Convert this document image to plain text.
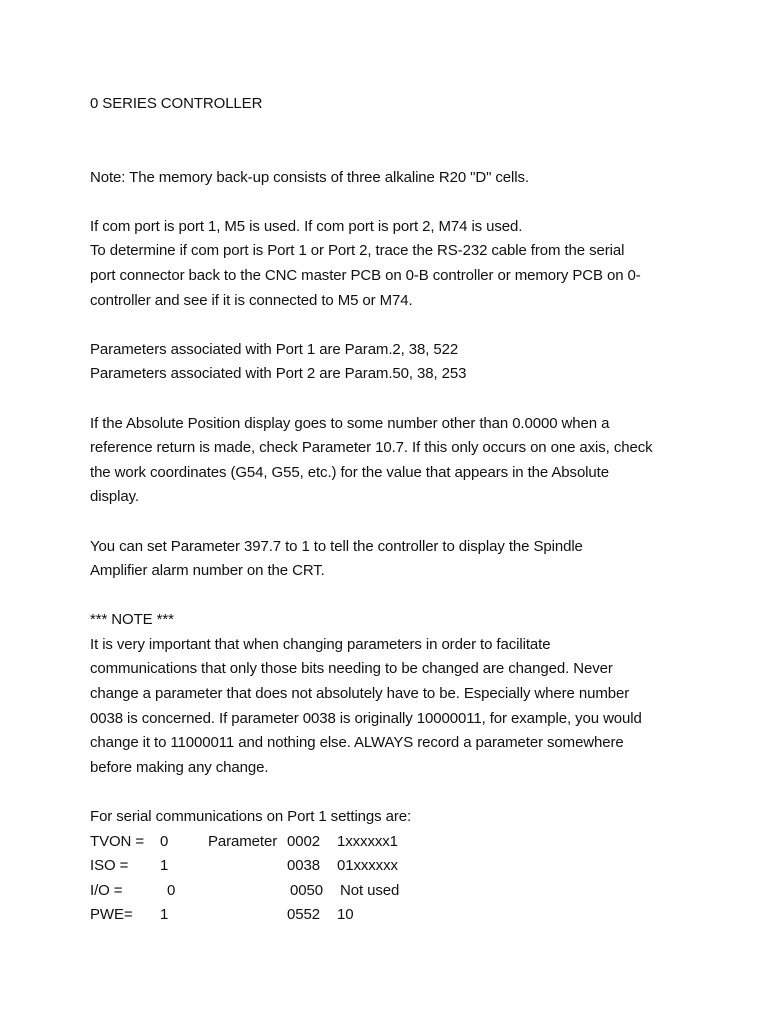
0 SERIES CONTROLLER
Note: The memory back-up consists of three alkaline R20 "D" cells.
If com port is port 1, M5 is used. If com port is port 2, M74 is used.
To determine if com port is Port 1 or Port 2, trace the RS-232 cable from the serial
port connector back to the CNC master PCB on 0-B controller or memory PCB on 0-
controller and see if it is connected to M5 or M74.
Parameters associated with Port 1 are Param.2, 38, 522
Parameters associated with Port 2 are Param.50, 38, 253
If the Absolute Position display goes to some number other than 0.0000 when a
reference return is made, check Parameter 10.7. If this only occurs on one axis, check
the work coordinates (G54, G55, etc.) for the value that appears in the Absolute
display.
You can set Parameter 397.7 to 1 to tell the controller to display the Spindle
Amplifier alarm number on the CRT.
*** NOTE ***
It is very important that when changing parameters in order to facilitate
communications that only those bits needing to be changed are changed. Never
change a parameter that does not absolutely have to be. Especially where number
0038 is concerned. If parameter 0038 is originally 10000011, for example, you would
change it to 11000011 and nothing else. ALWAYS record a parameter somewhere
before making any change.
For serial communications on Port 1 settings are:
TVON = 0	Parameter 0002 1xxxxxx1
ISO = 1	0038 01xxxxxx
I/O =	0	0050 Not used
PWE= 1	0552 10
